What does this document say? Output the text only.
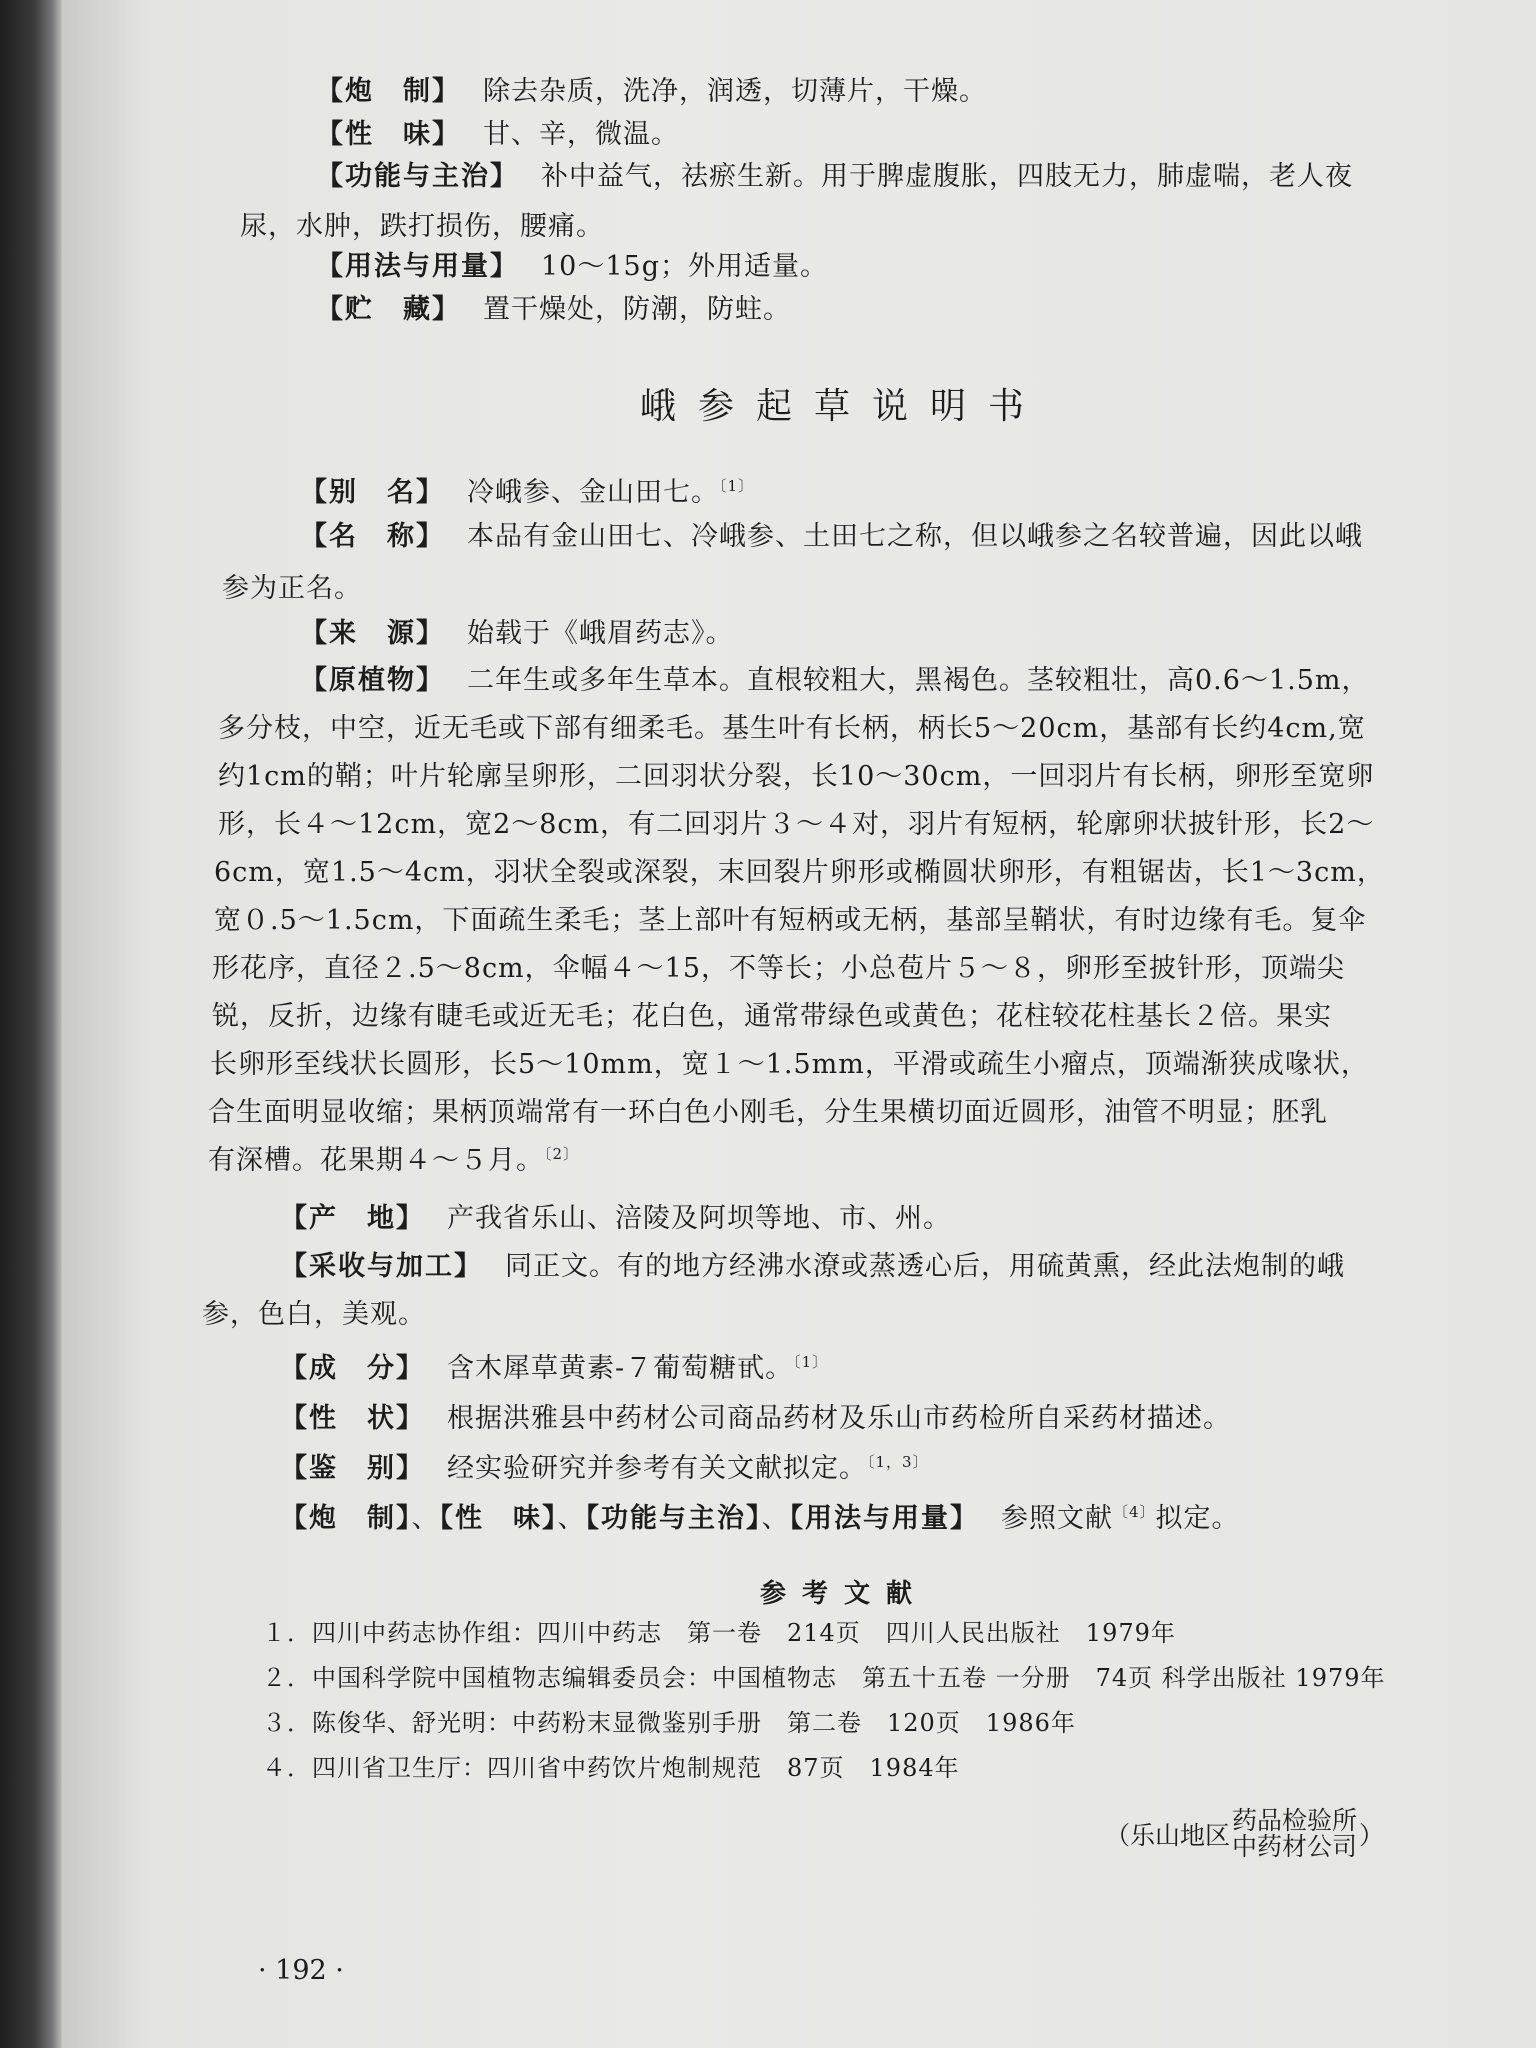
【炮　制】 除去杂质，洗净，润透，切薄片，干燥。
【性　味】 甘、辛，微温。
【功能与主治】 补中益气，祛瘀生新。用于脾虚腹胀，四肢无力，肺虚喘，老人夜
尿，水肿，跌打损伤，腰痛。
【用法与用量】 10～15g；外用适量。
【贮　藏】 置干燥处，防潮，防蛀。
峨参起草说明书
【别　名】 冷峨参、金山田七。$^{〔1〕}$
【名　称】 本品有金山田七、冷峨参、土田七之称，但以峨参之名较普遍，因此以峨
参为正名。
【来　源】 始载于《峨眉药志》。
【原植物】 二年生或多年生草本。直根较粗大，黑褐色。茎较粗壮，高0.6～1.5m，
多分枝，中空，近无毛或下部有细柔毛。基生叶有长柄，柄长5～20cm，基部有长约4cm,宽
约1cm的鞘；叶片轮廓呈卵形，二回羽状分裂，长10～30cm，一回羽片有长柄，卵形至宽卵
形，长４～12cm，宽2～8cm，有二回羽片３～４对，羽片有短柄，轮廓卵状披针形，长2～
6cm，宽1.5～4cm，羽状全裂或深裂，末回裂片卵形或椭圆状卵形，有粗锯齿，长1～3cm，
宽０.5～1.5cm，下面疏生柔毛；茎上部叶有短柄或无柄，基部呈鞘状，有时边缘有毛。复伞
形花序，直径２.5～8cm，伞幅４～15，不等长；小总苞片５～８，卵形至披针形，顶端尖
锐，反折，边缘有睫毛或近无毛；花白色，通常带绿色或黄色；花柱较花柱基长２倍。果实
长卵形至线状长圆形，长5～10mm，宽１～1.5mm，平滑或疏生小瘤点，顶端渐狭成喙状，
合生面明显收缩；果柄顶端常有一环白色小刚毛，分生果横切面近圆形，油管不明显；胚乳
有深槽。花果期４～５月。$^{〔2〕}$
【产　地】 产我省乐山、涪陵及阿坝等地、市、州。
【采收与加工】 同正文。有的地方经沸水潦或蒸透心后，用硫黄熏，经此法炮制的峨
参，色白，美观。
【成　分】 含木犀草黄素-７葡萄糖甙。$^{〔1〕}$
【性　状】 根据洪雅县中药材公司商品药材及乐山市药检所自采药材描述。
【鉴　别】 经实验研究并参考有关文献拟定。$^{〔1,3〕}$
【炮　制】、【性　味】、【功能与主治】、【用法与用量】 参照文献$^{〔4〕}$拟定。
参考文献
１．四川中药志协作组：四川中药志　第一卷　214页　四川人民出版社　1979年
２．中国科学院中国植物志编辑委员会：中国植物志　第五十五卷 一分册　74页 科学出版社 1979年
３．陈俊华、舒光明：中药粉末显微鉴别手册　第二卷　120页　1986年
４．四川省卫生厅：四川省中药饮片炮制规范　87页　1984年
（乐山地区
药品检验所
中药材公司 ）
· 192 ·
